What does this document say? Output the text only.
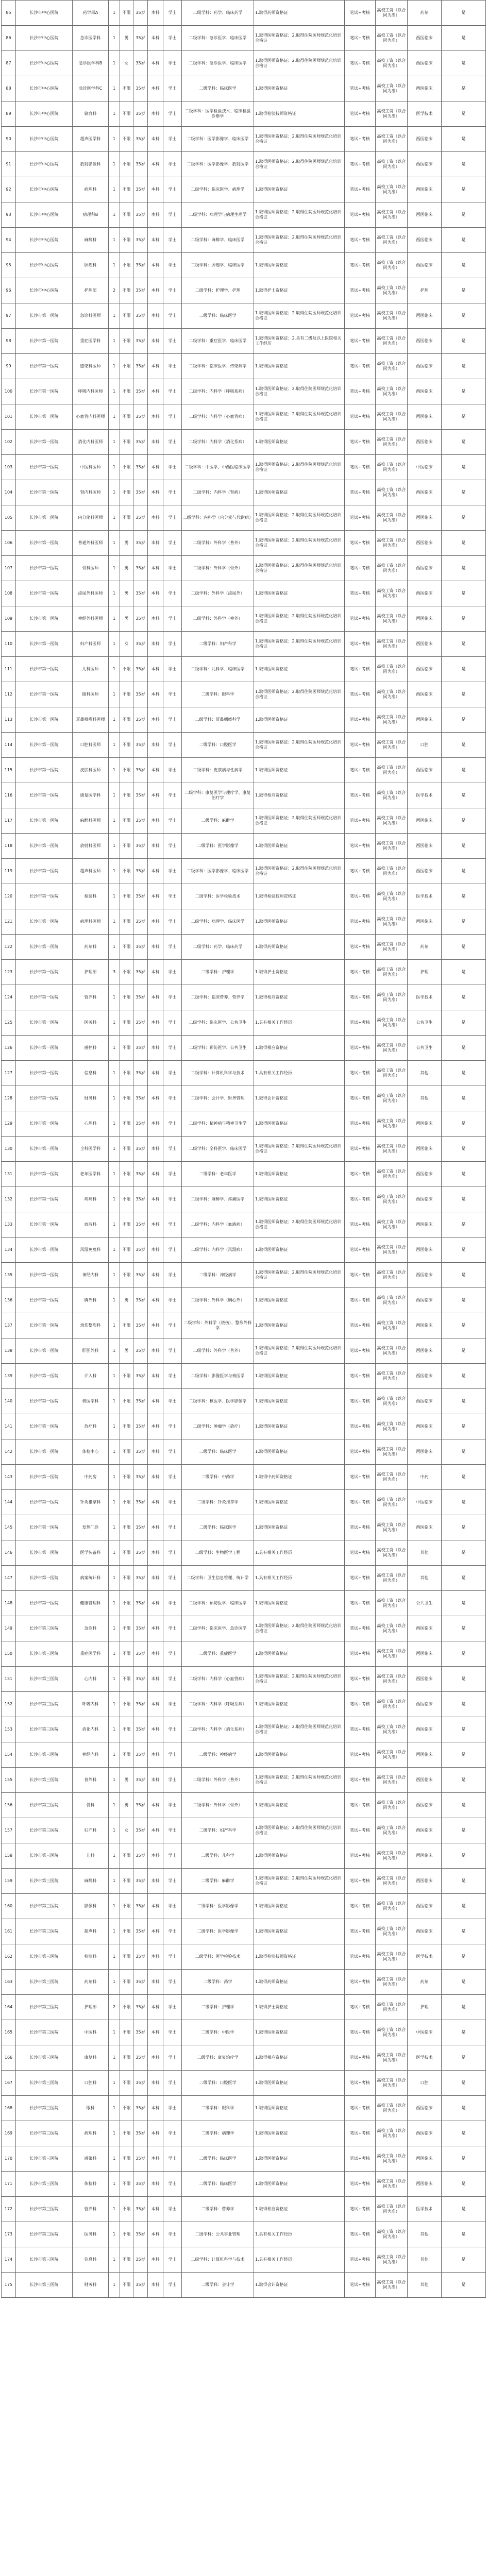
85	长沙市中心医院	药学部A	1	不限	35岁	本科	学士	二级学科：药学、临床药学	1.取得药师资格证	笔试+考核	高校工资（以合同为准）	药剂	是
86	长沙市中心医院	急诊医学科	1	男	35岁	本科	学士	二级学科：急诊医学、临床医学	1.取得医师资格证；2.取得住院医师规范化培训合格证	笔试+考核	高校工资（以合同为准）	西医临床	是
87	长沙市中心医院	急诊医学科B	1	女	35岁	本科	学士	二级学科：急诊医学、临床医学	1.取得医师资格证；2.取得住院医师规范化培训合格证	笔试+考核	高校工资（以合同为准）	西医临床	是
88	长沙市中心医院	急诊医学科C	1	不限	35岁	本科	学士	二级学科：临床医学	1.取得医师资格证	笔试+考核	高校工资（以合同为准）	西医临床	是
89	长沙市中心医院	输血科	1	不限	35岁	本科	学士	二级学科：医学检验技术、临床检验诊断学	1.取得检验技师资格证	笔试+考核	高校工资（以合同为准）	医学技术	是
90	长沙市中心医院	超声医学科	1	不限	35岁	本科	学士	二级学科：医学影像学、临床医学	1.取得医师资格证；2.取得住院医师规范化培训合格证	笔试+考核	高校工资（以合同为准）	西医临床	是
91	长沙市中心医院	放射影像科	1	不限	35岁	本科	学士	二级学科：医学影像学、放射医学	1.取得医师资格证；2.取得住院医师规范化培训合格证	笔试+考核	高校工资（以合同为准）	西医临床	是
92	长沙市中心医院	病理科	1	不限	35岁	本科	学士	二级学科：临床医学、病理学	1.取得医师资格证	笔试+考核	高校工资（以合同为准）	西医临床	是
93	长沙市中心医院	病理科B	1	不限	35岁	本科	学士	二级学科：病理学与病理生理学	1.取得医师资格证；2.取得住院医师规范化培训合格证	笔试+考核	高校工资（以合同为准）	西医临床	是
94	长沙市中心医院	麻醉科	1	不限	35岁	本科	学士	二级学科：麻醉学、临床医学	1.取得医师资格证；2.取得住院医师规范化培训合格证	笔试+考核	高校工资（以合同为准）	西医临床	是
95	长沙市中心医院	肿瘤科	1	不限	35岁	本科	学士	二级学科：肿瘤学、临床医学	1.取得医师资格证	笔试+考核	高校工资（以合同为准）	西医临床	是
96	长沙市中心医院	护理部	2	不限	35岁	本科	学士	二级学科：护理学、护理	1.取得护士资格证	笔试+考核	高校工资（以合同为准）	护理	是
97	长沙市第一医院	急诊科医师	1	不限	35岁	本科	学士	二级学科：临床医学	1.取得医师资格证；2.取得住院医师规范化培训合格证	笔试+考核	高校工资（以合同为准）	西医临床	是
98	长沙市第一医院	重症医学科	1	不限	35岁	本科	学士	二级学科：重症医学、临床医学	1.取得医师资格证；2.具有二级及以上医院相关工作经历	笔试+考核	高校工资（以合同为准）	西医临床	是
99	长沙市第一医院	感染科医师	1	不限	35岁	本科	学士	二级学科：临床医学、传染病学	1.取得医师资格证	笔试+考核	高校工资（以合同为准）	西医临床	是
100	长沙市第一医院	呼吸内科医师	1	不限	35岁	本科	学士	二级学科：内科学（呼吸系病）	1.取得医师资格证；2.取得住院医师规范化培训合格证	笔试+考核	高校工资（以合同为准）	西医临床	是
101	长沙市第一医院	心血管内科医师	1	不限	35岁	本科	学士	二级学科：内科学（心血管病）	1.取得医师资格证；2.取得住院医师规范化培训合格证	笔试+考核	高校工资（以合同为准）	西医临床	是
102	长沙市第一医院	消化内科医师	1	不限	35岁	本科	学士	二级学科：内科学（消化系病）	1.取得医师资格证	笔试+考核	高校工资（以合同为准）	西医临床	是
103	长沙市第一医院	中医科医师	1	不限	35岁	本科	学士	二级学科：中医学、中西医临床医学	1.取得医师资格证；2.取得住院医师规范化培训合格证	笔试+考核	高校工资（以合同为准）	中医临床	是
104	长沙市第一医院	肾内科医师	1	不限	35岁	本科	学士	二级学科：内科学（肾病）	1.取得医师资格证	笔试+考核	高校工资（以合同为准）	西医临床	是
105	长沙市第一医院	内分泌科医师	1	不限	35岁	本科	学士	二级学科：内科学（内分泌与代谢病）	1.取得医师资格证；2.取得住院医师规范化培训合格证	笔试+考核	高校工资（以合同为准）	西医临床	是
106	长沙市第一医院	普通外科医师	1	男	35岁	本科	学士	二级学科：外科学（普外）	1.取得医师资格证；2.取得住院医师规范化培训合格证	笔试+考核	高校工资（以合同为准）	西医临床	是
107	长沙市第一医院	骨科医师	1	男	35岁	本科	学士	二级学科：外科学（骨外）	1.取得医师资格证；2.取得住院医师规范化培训合格证	笔试+考核	高校工资（以合同为准）	西医临床	是
108	长沙市第一医院	泌尿外科医师	1	男	35岁	本科	学士	二级学科：外科学（泌尿外）	1.取得医师资格证	笔试+考核	高校工资（以合同为准）	西医临床	是
109	长沙市第一医院	神经外科医师	1	男	35岁	本科	学士	二级学科：外科学（神外）	1.取得医师资格证；2.取得住院医师规范化培训合格证	笔试+考核	高校工资（以合同为准）	西医临床	是
110	长沙市第一医院	妇产科医师	1	女	35岁	本科	学士	二级学科：妇产科学	1.取得医师资格证；2.取得住院医师规范化培训合格证	笔试+考核	高校工资（以合同为准）	西医临床	是
111	长沙市第一医院	儿科医师	1	不限	35岁	本科	学士	二级学科：儿科学、临床医学	1.取得医师资格证	笔试+考核	高校工资（以合同为准）	西医临床	是
112	长沙市第一医院	眼科医师	1	不限	35岁	本科	学士	二级学科：眼科学	1.取得医师资格证；2.取得住院医师规范化培训合格证	笔试+考核	高校工资（以合同为准）	西医临床	是
113	长沙市第一医院	耳鼻咽喉科医师	1	不限	35岁	本科	学士	二级学科：耳鼻咽喉科学	1.取得医师资格证	笔试+考核	高校工资（以合同为准）	西医临床	是
114	长沙市第一医院	口腔科医师	1	不限	35岁	本科	学士	二级学科：口腔医学	1.取得医师资格证；2.取得住院医师规范化培训合格证	笔试+考核	高校工资（以合同为准）	口腔	是
115	长沙市第一医院	皮肤科医师	1	不限	35岁	本科	学士	二级学科：皮肤病与性病学	1.取得医师资格证	笔试+考核	高校工资（以合同为准）	西医临床	是
116	长沙市第一医院	康复医学科	1	不限	35岁	本科	学士	二级学科：康复医学与理疗学、康复治疗学	1.取得相应资格证	笔试+考核	高校工资（以合同为准）	医学技术	是
117	长沙市第一医院	麻醉科医师	1	不限	35岁	本科	学士	二级学科：麻醉学	1.取得医师资格证；2.取得住院医师规范化培训合格证	笔试+考核	高校工资（以合同为准）	西医临床	是
118	长沙市第一医院	放射科医师	1	不限	35岁	本科	学士	二级学科：医学影像学	1.取得医师资格证	笔试+考核	高校工资（以合同为准）	西医临床	是
119	长沙市第一医院	超声科医师	1	不限	35岁	本科	学士	二级学科：医学影像学、临床医学	1.取得医师资格证；2.取得住院医师规范化培训合格证	笔试+考核	高校工资（以合同为准）	西医临床	是
120	长沙市第一医院	检验科	1	不限	35岁	本科	学士	二级学科：医学检验技术	1.取得检验技师资格证	笔试+考核	高校工资（以合同为准）	医学技术	是
121	长沙市第一医院	病理科医师	1	不限	35岁	本科	学士	二级学科：病理学、临床医学	1.取得医师资格证	笔试+考核	高校工资（以合同为准）	西医临床	是
122	长沙市第一医院	药剂科	1	不限	35岁	本科	学士	二级学科：药学、临床药学	1.取得药师资格证	笔试+考核	高校工资（以合同为准）	药剂	是
123	长沙市第一医院	护理部	3	不限	35岁	本科	学士	二级学科：护理学	1.取得护士资格证	笔试+考核	高校工资（以合同为准）	护理	是
124	长沙市第一医院	营养科	1	不限	35岁	本科	学士	二级学科：临床营养、营养学	1.取得相应资格证	笔试+考核	高校工资（以合同为准）	医学技术	是
125	长沙市第一医院	医务科	1	不限	35岁	本科	学士	二级学科：临床医学、公共卫生	1.具有相关工作经历	笔试+考核	高校工资（以合同为准）	公共卫生	是
126	长沙市第一医院	感控科	1	不限	35岁	本科	学士	二级学科：预防医学、公共卫生	1.取得相应资格证	笔试+考核	高校工资（以合同为准）	公共卫生	是
127	长沙市第一医院	信息科	1	不限	35岁	本科	学士	二级学科：计算机科学与技术	1.具有相关工作经历	笔试+考核	高校工资（以合同为准）	其他	是
128	长沙市第一医院	财务科	1	不限	35岁	本科	学士	二级学科：会计学、财务管理	1.取得会计资格证	笔试+考核	高校工资（以合同为准）	其他	是
129	长沙市第一医院	心理科	1	不限	35岁	本科	学士	二级学科：精神病与精神卫生学	1.取得医师资格证	笔试+考核	高校工资（以合同为准）	西医临床	是
130	长沙市第一医院	全科医学科	1	不限	35岁	本科	学士	二级学科：全科医学、临床医学	1.取得医师资格证；2.取得住院医师规范化培训合格证	笔试+考核	高校工资（以合同为准）	西医临床	是
131	长沙市第一医院	老年医学科	1	不限	35岁	本科	学士	二级学科：老年医学	1.取得医师资格证	笔试+考核	高校工资（以合同为准）	西医临床	是
132	长沙市第一医院	疼痛科	1	不限	35岁	本科	学士	二级学科：麻醉学、疼痛医学	1.取得医师资格证	笔试+考核	高校工资（以合同为准）	西医临床	是
133	长沙市第一医院	血液科	1	不限	35岁	本科	学士	二级学科：内科学（血液病）	1.取得医师资格证；2.取得住院医师规范化培训合格证	笔试+考核	高校工资（以合同为准）	西医临床	是
134	长沙市第一医院	风湿免疫科	1	不限	35岁	本科	学士	二级学科：内科学（风湿病）	1.取得医师资格证	笔试+考核	高校工资（以合同为准）	西医临床	是
135	长沙市第一医院	神经内科	1	不限	35岁	本科	学士	二级学科：神经病学	1.取得医师资格证；2.取得住院医师规范化培训合格证	笔试+考核	高校工资（以合同为准）	西医临床	是
136	长沙市第一医院	胸外科	1	男	35岁	本科	学士	二级学科：外科学（胸心外）	1.取得医师资格证	笔试+考核	高校工资（以合同为准）	西医临床	是
137	长沙市第一医院	烧伤整形科	1	不限	35岁	本科	学士	二级学科：外科学（烧伤）、整形外科学	1.取得医师资格证	笔试+考核	高校工资（以合同为准）	西医临床	是
138	长沙市第一医院	肝胆外科	1	男	35岁	本科	学士	二级学科：外科学（普外）	1.取得医师资格证；2.取得住院医师规范化培训合格证	笔试+考核	高校工资（以合同为准）	西医临床	是
139	长沙市第一医院	介入科	1	不限	35岁	本科	学士	二级学科：影像医学与核医学	1.取得医师资格证	笔试+考核	高校工资（以合同为准）	西医临床	是
140	长沙市第一医院	核医学科	1	不限	35岁	本科	学士	二级学科：核医学、医学影像学	1.取得医师资格证	笔试+考核	高校工资（以合同为准）	西医临床	是
141	长沙市第一医院	放疗科	1	不限	35岁	本科	学士	二级学科：肿瘤学（放疗）	1.取得医师资格证	笔试+考核	高校工资（以合同为准）	西医临床	是
142	长沙市第一医院	体检中心	1	不限	35岁	本科	学士	二级学科：临床医学	1.取得医师资格证	笔试+考核	高校工资（以合同为准）	西医临床	是
143	长沙市第一医院	中药房	1	不限	35岁	本科	学士	二级学科：中药学	1.取得中药师资格证	笔试+考核	高校工资（以合同为准）	中药	是
144	长沙市第一医院	针灸推拿科	1	不限	35岁	本科	学士	二级学科：针灸推拿学	1.取得医师资格证	笔试+考核	高校工资（以合同为准）	中医临床	是
145	长沙市第一医院	发热门诊	1	不限	35岁	本科	学士	二级学科：临床医学	1.取得医师资格证	笔试+考核	高校工资（以合同为准）	西医临床	是
146	长沙市第一医院	医学装备科	1	不限	35岁	本科	学士	二级学科：生物医学工程	1.具有相关工作经历	笔试+考核	高校工资（以合同为准）	其他	是
147	长沙市第一医院	病案统计科	1	不限	35岁	本科	学士	二级学科：卫生信息管理、统计学	1.具有相关工作经历	笔试+考核	高校工资（以合同为准）	其他	是
148	长沙市第一医院	健康管理科	1	不限	35岁	本科	学士	二级学科：预防医学、临床医学	1.取得医师资格证	笔试+考核	高校工资（以合同为准）	公共卫生	是
149	长沙市第三医院	急诊科	1	不限	35岁	本科	学士	二级学科：临床医学、急诊医学	1.取得医师资格证；2.取得住院医师规范化培训合格证	笔试+考核	高校工资（以合同为准）	西医临床	是
150	长沙市第三医院	重症医学科	1	不限	35岁	本科	学士	二级学科：重症医学	1.取得医师资格证	笔试+考核	高校工资（以合同为准）	西医临床	是
151	长沙市第三医院	心内科	1	不限	35岁	本科	学士	二级学科：内科学（心血管病）	1.取得医师资格证；2.取得住院医师规范化培训合格证	笔试+考核	高校工资（以合同为准）	西医临床	是
152	长沙市第三医院	呼吸内科	1	不限	35岁	本科	学士	二级学科：内科学（呼吸系病）	1.取得医师资格证	笔试+考核	高校工资（以合同为准）	西医临床	是
153	长沙市第三医院	消化内科	1	不限	35岁	本科	学士	二级学科：内科学（消化系病）	1.取得医师资格证；2.取得住院医师规范化培训合格证	笔试+考核	高校工资（以合同为准）	西医临床	是
154	长沙市第三医院	神经内科	1	不限	35岁	本科	学士	二级学科：神经病学	1.取得医师资格证	笔试+考核	高校工资（以合同为准）	西医临床	是
155	长沙市第三医院	普外科	1	男	35岁	本科	学士	二级学科：外科学（普外）	1.取得医师资格证；2.取得住院医师规范化培训合格证	笔试+考核	高校工资（以合同为准）	西医临床	是
156	长沙市第三医院	骨科	1	男	35岁	本科	学士	二级学科：外科学（骨外）	1.取得医师资格证	笔试+考核	高校工资（以合同为准）	西医临床	是
157	长沙市第三医院	妇产科	1	女	35岁	本科	学士	二级学科：妇产科学	1.取得医师资格证；2.取得住院医师规范化培训合格证	笔试+考核	高校工资（以合同为准）	西医临床	是
158	长沙市第三医院	儿科	1	不限	35岁	本科	学士	二级学科：儿科学	1.取得医师资格证	笔试+考核	高校工资（以合同为准）	西医临床	是
159	长沙市第三医院	麻醉科	1	不限	35岁	本科	学士	二级学科：麻醉学	1.取得医师资格证；2.取得住院医师规范化培训合格证	笔试+考核	高校工资（以合同为准）	西医临床	是
160	长沙市第三医院	影像科	1	不限	35岁	本科	学士	二级学科：医学影像学	1.取得医师资格证	笔试+考核	高校工资（以合同为准）	西医临床	是
161	长沙市第三医院	超声科	1	不限	35岁	本科	学士	二级学科：医学影像学	1.取得医师资格证	笔试+考核	高校工资（以合同为准）	西医临床	是
162	长沙市第三医院	检验科	1	不限	35岁	本科	学士	二级学科：医学检验技术	1.取得检验技师资格证	笔试+考核	高校工资（以合同为准）	医学技术	是
163	长沙市第三医院	药剂科	1	不限	35岁	本科	学士	二级学科：药学	1.取得药师资格证	笔试+考核	高校工资（以合同为准）	药剂	是
164	长沙市第三医院	护理部	2	不限	35岁	本科	学士	二级学科：护理学	1.取得护士资格证	笔试+考核	高校工资（以合同为准）	护理	是
165	长沙市第三医院	中医科	1	不限	35岁	本科	学士	二级学科：中医学	1.取得医师资格证	笔试+考核	高校工资（以合同为准）	中医临床	是
166	长沙市第三医院	康复科	1	不限	35岁	本科	学士	二级学科：康复治疗学	1.取得相应资格证	笔试+考核	高校工资（以合同为准）	医学技术	是
167	长沙市第三医院	口腔科	1	不限	35岁	本科	学士	二级学科：口腔医学	1.取得医师资格证	笔试+考核	高校工资（以合同为准）	口腔	是
168	长沙市第三医院	眼科	1	不限	35岁	本科	学士	二级学科：眼科学	1.取得医师资格证	笔试+考核	高校工资（以合同为准）	西医临床	是
169	长沙市第三医院	病理科	1	不限	35岁	本科	学士	二级学科：病理学	1.取得医师资格证	笔试+考核	高校工资（以合同为准）	西医临床	是
170	长沙市第三医院	感染科	1	不限	35岁	本科	学士	二级学科：临床医学	1.取得医师资格证	笔试+考核	高校工资（以合同为准）	西医临床	是
171	长沙市第三医院	体检科	1	不限	35岁	本科	学士	二级学科：临床医学	1.取得医师资格证	笔试+考核	高校工资（以合同为准）	西医临床	是
172	长沙市第三医院	营养科	1	不限	35岁	本科	学士	二级学科：营养学	1.取得相应资格证	笔试+考核	高校工资（以合同为准）	医学技术	是
173	长沙市第三医院	医务科	1	不限	35岁	本科	学士	二级学科：公共事业管理	1.具有相关工作经历	笔试+考核	高校工资（以合同为准）	其他	是
174	长沙市第三医院	信息科	1	不限	35岁	本科	学士	二级学科：计算机科学与技术	1.具有相关工作经历	笔试+考核	高校工资（以合同为准）	其他	是
175	长沙市第三医院	财务科	1	不限	35岁	本科	学士	二级学科：会计学	1.取得会计资格证	笔试+考核	高校工资（以合同为准）	其他	是
